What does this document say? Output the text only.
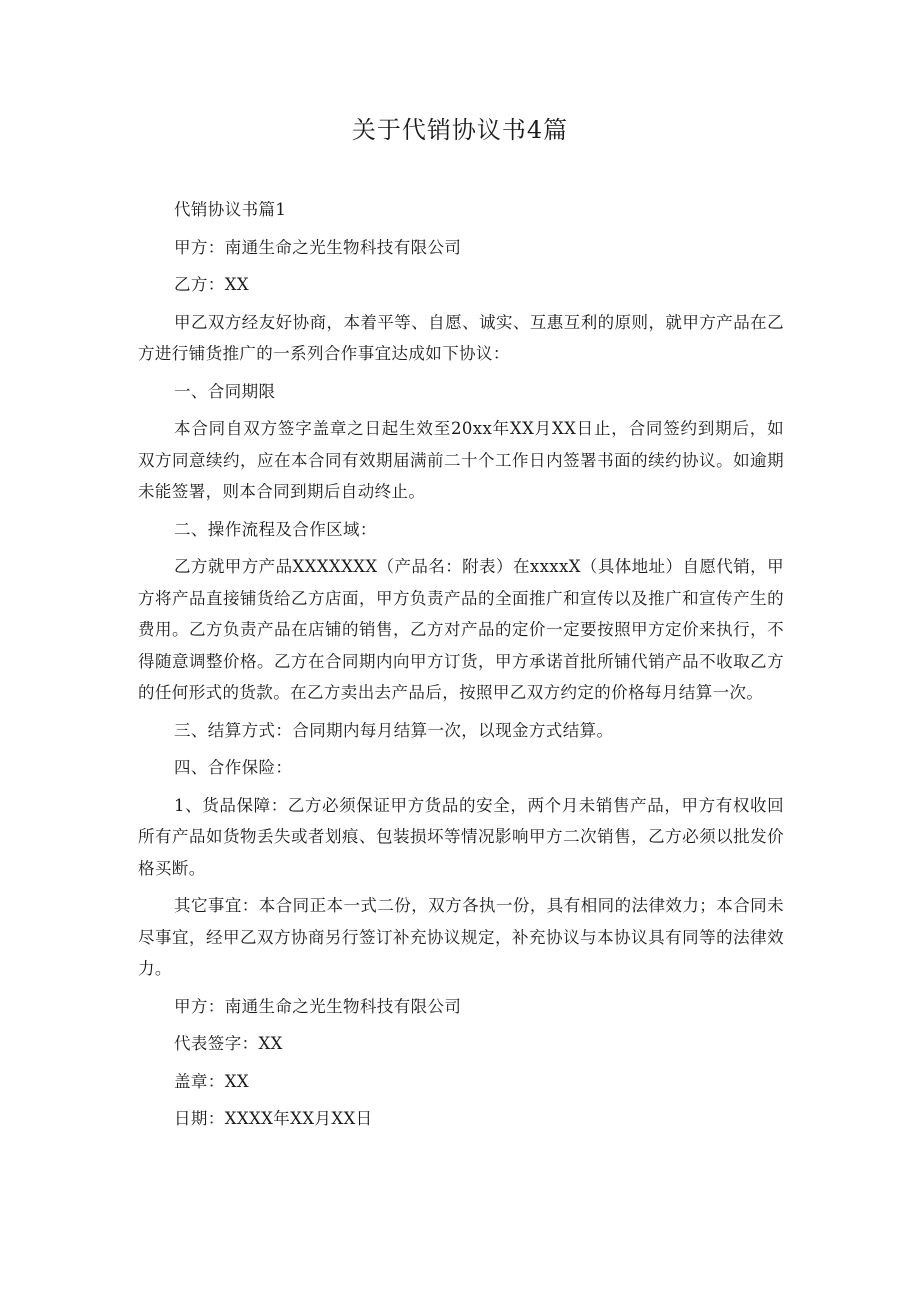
关于代销协议书4篇

代销协议书篇1

甲方：南通生命之光生物科技有限公司

乙方：XX

甲乙双方经友好协商，本着平等、自愿、诚实、互惠互利的原则，就甲方产品在乙方进行铺货推广的一系列合作事宜达成如下协议：

一、合同期限

本合同自双方签字盖章之日起生效至20xx年XX月XX日止，合同签约到期后，如双方同意续约，应在本合同有效期届满前二十个工作日内签署书面的续约协议。如逾期未能签署，则本合同到期后自动终止。

二、操作流程及合作区域：

乙方就甲方产品XXXXXXX（产品名：附表）在xxxxX（具体地址）自愿代销，甲方将产品直接铺货给乙方店面，甲方负责产品的全面推广和宣传以及推广和宣传产生的费用。乙方负责产品在店铺的销售，乙方对产品的定价一定要按照甲方定价来执行，不得随意调整价格。乙方在合同期内向甲方订货，甲方承诺首批所铺代销产品不收取乙方的任何形式的货款。在乙方卖出去产品后，按照甲乙双方约定的价格每月结算一次。

三、结算方式：合同期内每月结算一次，以现金方式结算。

四、合作保险：

1、货品保障：乙方必须保证甲方货品的安全，两个月未销售产品，甲方有权收回所有产品如货物丢失或者划痕、包装损坏等情况影响甲方二次销售，乙方必须以批发价格买断。

其它事宜：本合同正本一式二份，双方各执一份，具有相同的法律效力；本合同未尽事宜，经甲乙双方协商另行签订补充协议规定，补充协议与本协议具有同等的法律效力。

甲方：南通生命之光生物科技有限公司

代表签字：XX

盖章：XX

日期：XXXX年XX月XX日
